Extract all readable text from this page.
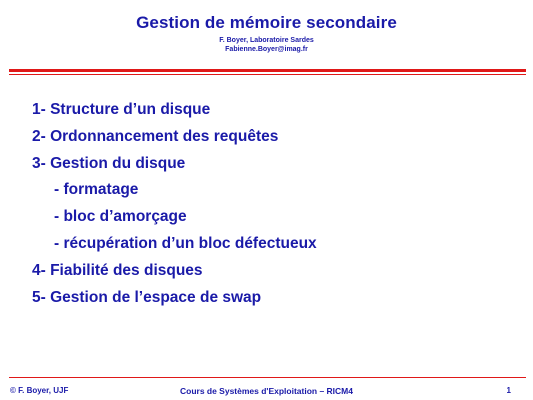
Gestion de mémoire secondaire
F. Boyer, Laboratoire Sardes
Fabienne.Boyer@imag.fr
1- Structure d’un disque
2- Ordonnancement des requêtes
3- Gestion du disque
- formatage
- bloc d’amorçage
- récupération d’un bloc défectueux
4- Fiabilité des disques
5- Gestion de l’espace de swap
© F. Boyer, UJF	Cours de Systèmes d'Exploitation – RICM4	1
